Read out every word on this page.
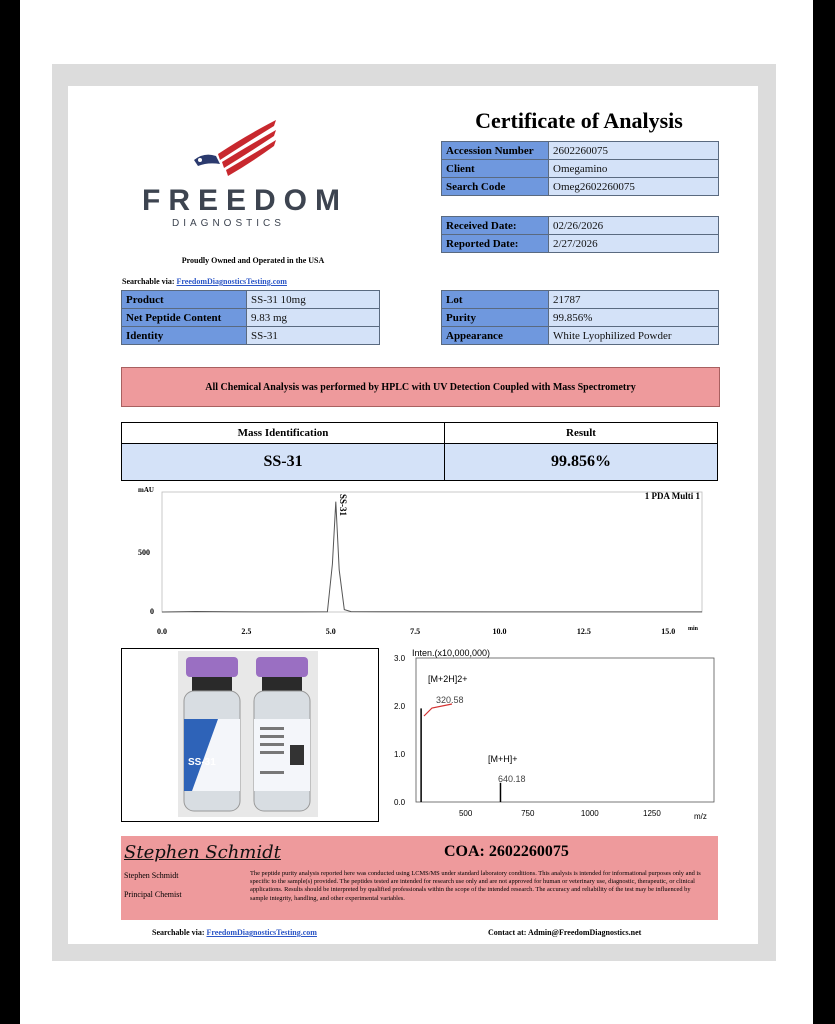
FREEDOM
DIAGNOSTICS
Proudly Owned and Operated in the USA
Searchable via: FreedomDiagnosticsTesting.com
Certificate of Analysis
Accession Number	2602260075
Client	Omegamino
Search Code	Omeg2602260075
Received Date:	02/26/2026
Reported Date:	2/27/2026
Product	SS-31 10mg
Net Peptide Content	9.83 mg
Identity	SS-31
Lot	21787
Purity	99.856%
Appearance	White Lyophilized Powder
All Chemical Analysis was performed by HPLC with UV Detection Coupled with Mass Spectrometry
Mass Identification	Result
SS-31	99.856%
mAU
1 PDA Multi 1
min
500
0
0.0	2.5	5.0	7.5	10.0	12.5	15.0
SS-31
SS-31
Inten.(x10,000,000)
3.0
2.0
1.0
0.0
500	750	1000	1250	m/z
[M+2H]2+
320.58
[M+H]+
640.18
Stephen Schmidt
Stephen Schmidt
Principal Chemist
COA: 2602260075
The peptide purity analysis reported here was conducted using LCMS/MS under standard laboratory conditions. This analysis is intended for informational purposes only and is specific to the sample(s) provided. The peptides tested are intended for research use only and are not approved for human or veterinary use, diagnostic, therapeutic, or clinical applications. Results should be interpreted by qualified professionals within the scope of the intended research. The accuracy and reliability of the test may be influenced by sample integrity, handling, and other experimental variables.
Searchable via: FreedomDiagnosticsTesting.com	Contact at: Admin@FreedomDiagnostics.net
